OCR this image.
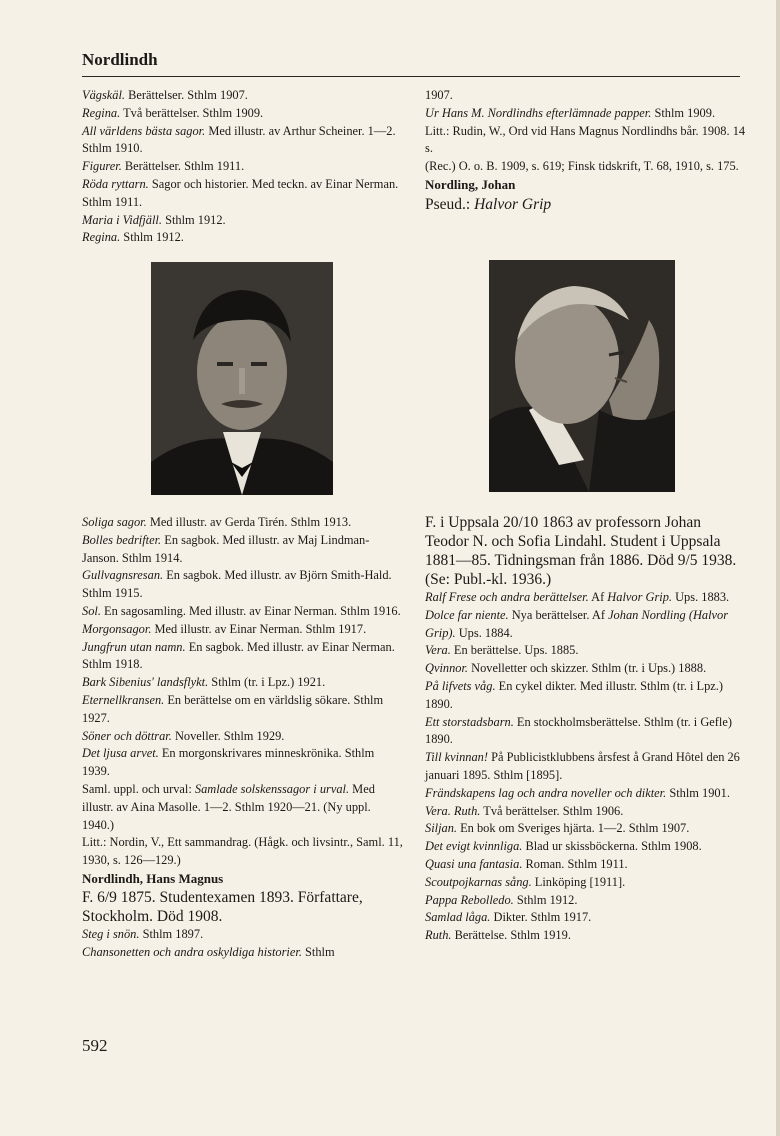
Nordlindh

Vägskäl. Berättelser. Sthlm 1907.

Regina. Två berättelser. Sthlm 1909.

All världens bästa sagor. Med illustr. av Arthur Scheiner. 1—2. Sthlm 1910.

Figurer. Berättelser. Sthlm 1911.

Röda ryttarn. Sagor och historier. Med teckn. av Einar Nerman. Sthlm 1911.

Maria i Vidfjäll. Sthlm 1912.

Regina. Sthlm 1912.

Soliga sagor. Med illustr. av Gerda Tirén. Sthlm 1913.

Bolles bedrifter. En sagbok. Med illustr. av Maj Lindman-Janson. Sthlm 1914.

Gullvagnsresan. En sagbok. Med illustr. av Björn Smith-Hald. Sthlm 1915.

Sol. En sagosamling. Med illustr. av Einar Nerman. Sthlm 1916.

Morgonsagor. Med illustr. av Einar Nerman. Sthlm 1917.

Jungfrun utan namn. En sagbok. Med illustr. av Einar Nerman. Sthlm 1918.

Bark Sibenius' landsflykt. Sthlm (tr. i Lpz.) 1921.

Eternellkransen. En berättelse om en världslig sökare. Sthlm 1927.

Söner och döttrar. Noveller. Sthlm 1929.

Det ljusa arvet. En morgonskrivares minneskrönika. Sthlm 1939.

Saml. uppl. och urval: Samlade solskenssagor i urval. Med illustr. av Aina Masolle. 1—2. Sthlm 1920—21. (Ny uppl. 1940.)

Litt.: Nordin, V., Ett sammandrag. (Hågk. och livsintr., Saml. 11, 1930, s. 126—129.)

Nordlindh, Hans Magnus

F. 6/9 1875. Studentexamen 1893. Författare, Stockholm. Död 1908.

Steg i snön. Sthlm 1897.

Chansonetten och andra oskyldiga historier. Sthlm

1907.

Ur Hans M. Nordlindhs efterlämnade papper. Sthlm 1909.

Litt.: Rudin, W., Ord vid Hans Magnus Nordlindhs bår. 1908. 14 s.

(Rec.) O. o. B. 1909, s. 619; Finsk tidskrift, T. 68, 1910, s. 175.

Nordling, Johan

Pseud.: Halvor Grip

F. i Uppsala 20/10 1863 av professorn Johan Teodor N. och Sofia Lindahl. Student i Uppsala 1881—85. Tidningsman från 1886. Död 9/5 1938. (Se: Publ.-kl. 1936.)

Ralf Frese och andra berättelser. Af Halvor Grip. Ups. 1883.

Dolce far niente. Nya berättelser. Af Johan Nordling (Halvor Grip). Ups. 1884.

Vera. En berättelse. Ups. 1885.

Qvinnor. Novelletter och skizzer. Sthlm (tr. i Ups.) 1888.

På lifvets våg. En cykel dikter. Med illustr. Sthlm (tr. i Lpz.) 1890.

Ett storstadsbarn. En stockholmsberättelse. Sthlm (tr. i Gefle) 1890.

Till kvinnan! På Publicistklubbens årsfest å Grand Hôtel den 26 januari 1895. Sthlm [1895].

Frändskapens lag och andra noveller och dikter. Sthlm 1901.

Vera. Ruth. Två berättelser. Sthlm 1906.

Siljan. En bok om Sveriges hjärta. 1—2. Sthlm 1907.

Det evigt kvinnliga. Blad ur skissböckerna. Sthlm 1908.

Quasi una fantasia. Roman. Sthlm 1911.

Scoutpojkarnas sång. Linköping [1911].

Pappa Rebolledo. Sthlm 1912.

Samlad låga. Dikter. Sthlm 1917.

Ruth. Berättelse. Sthlm 1919.

592
